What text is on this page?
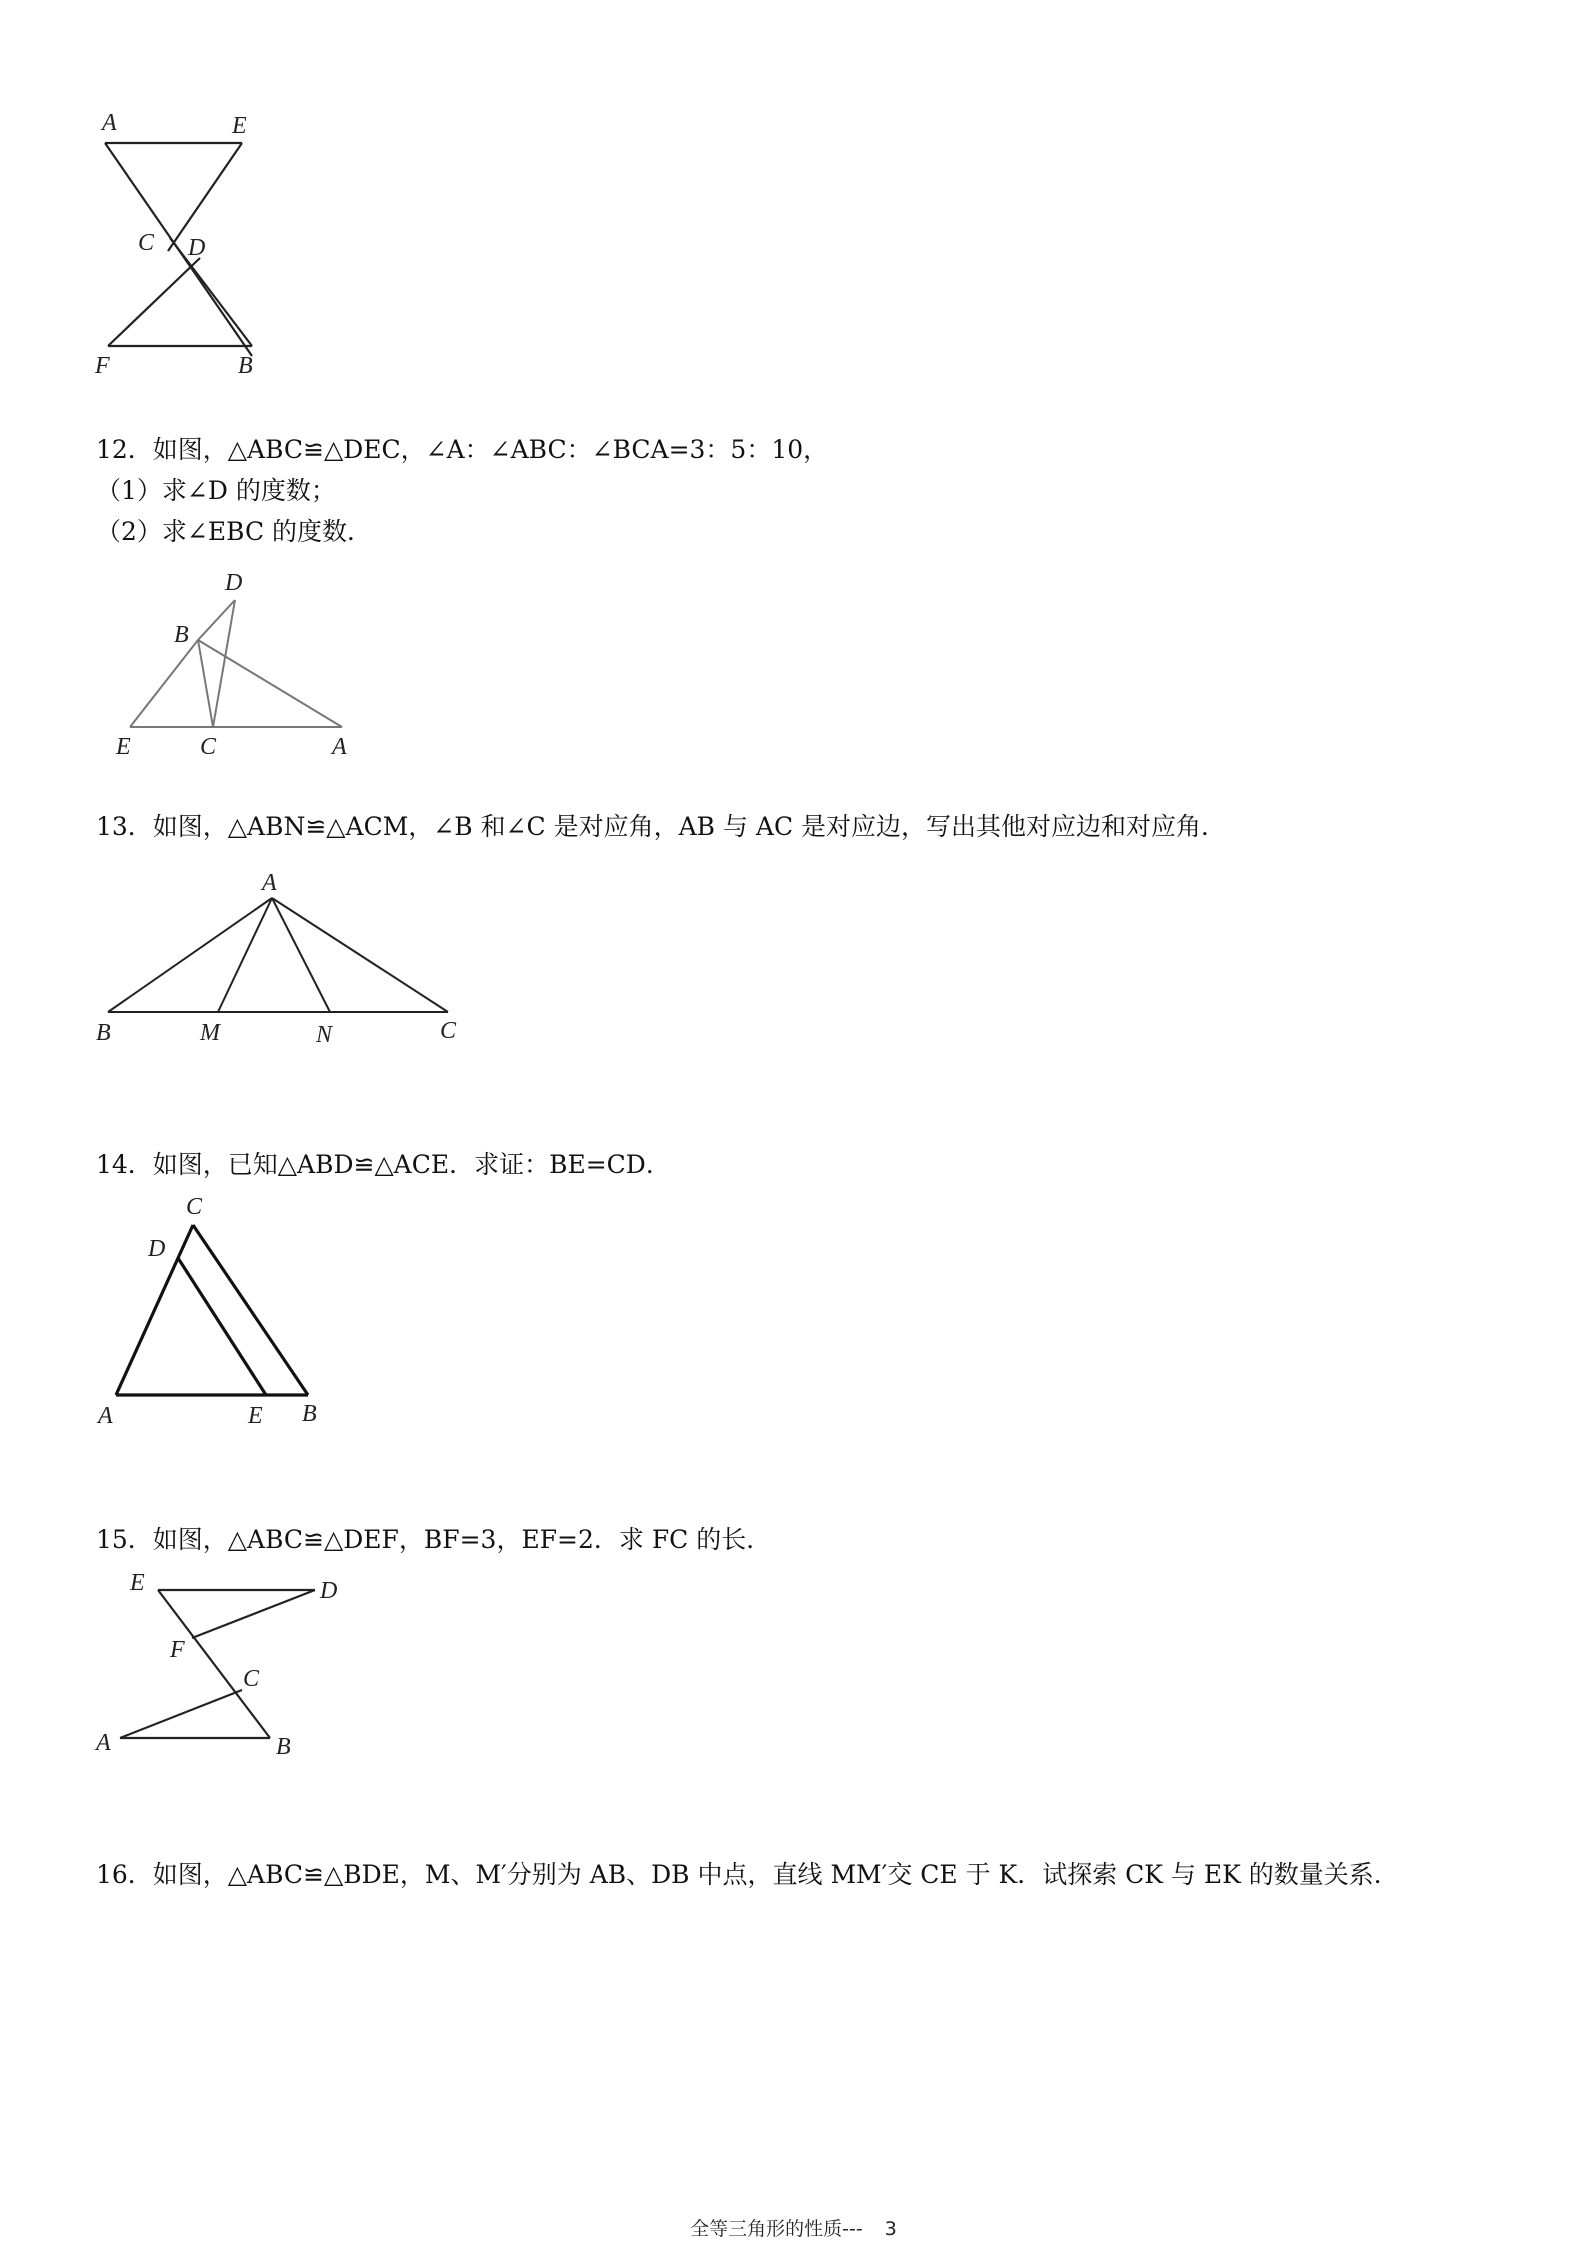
A	E
C D
F	B
12．如图，△ABC≌△DEC，∠A：∠ABC：∠BCA=3：5：10，
（1）求∠D 的度数；
（2）求∠EBC 的度数．
D
B
E	C	A
13．如图，△ABN≌△ACM，∠B 和∠C 是对应角，AB 与 AC 是对应边，写出其他对应边和对应角．
A
B	M	N	C
14．如图，已知△ABD≌△ACE．求证：BE=CD．
C
D
A	E B
15．如图，△ABC≌△DEF，BF=3，EF=2．求 FC 的长．
E	D
F
C
A	B
16．如图，△ABC≌△BDE，M、M′分别为 AB、DB 中点，直线 MM′交 CE 于 K．试探索 CK 与 EK 的数量关系．
全等三角形的性质--- 3
